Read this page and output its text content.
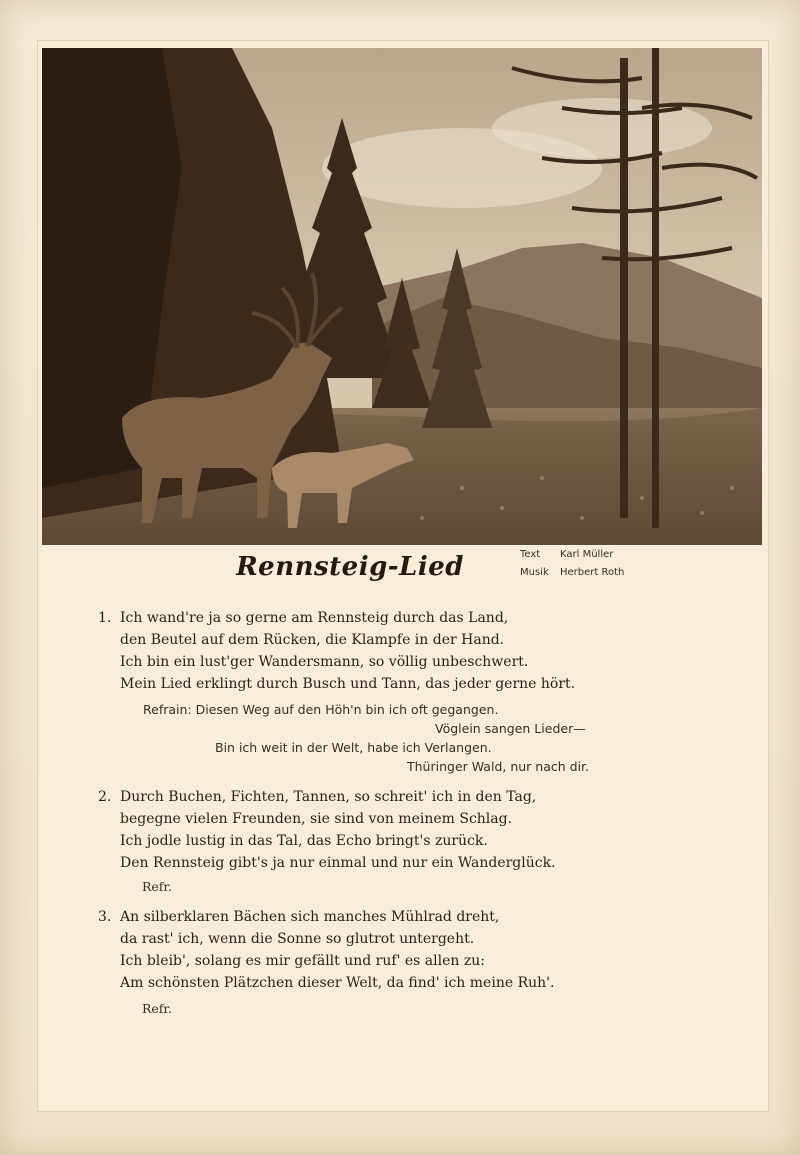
Rennsteig-Lied	Text	Karl Müller
Musik	Herbert Roth
1. Ich wand're ja so gerne am Rennsteig durch das Land,
den Beutel auf dem Rücken, die Klampfe in der Hand.
Ich bin ein lust'ger Wandersmann, so völlig unbeschwert.
Mein Lied erklingt durch Busch und Tann, das jeder gerne hört.
Refrain: Diesen Weg auf den Höh'n bin ich oft gegangen.
Vöglein sangen Lieder—
Bin ich weit in der Welt, habe ich Verlangen.
Thüringer Wald, nur nach dir.
2. Durch Buchen, Fichten, Tannen, so schreit' ich in den Tag,
begegne vielen Freunden, sie sind von meinem Schlag.
Ich jodle lustig in das Tal, das Echo bringt's zurück.
Den Rennsteig gibt's ja nur einmal und nur ein Wanderglück.
Refr.
3. An silberklaren Bächen sich manches Mühlrad dreht,
da rast' ich, wenn die Sonne so glutrot untergeht.
Ich bleib', solang es mir gefällt und ruf' es allen zu:
Am schönsten Plätzchen dieser Welt, da find' ich meine Ruh'.
Refr.
